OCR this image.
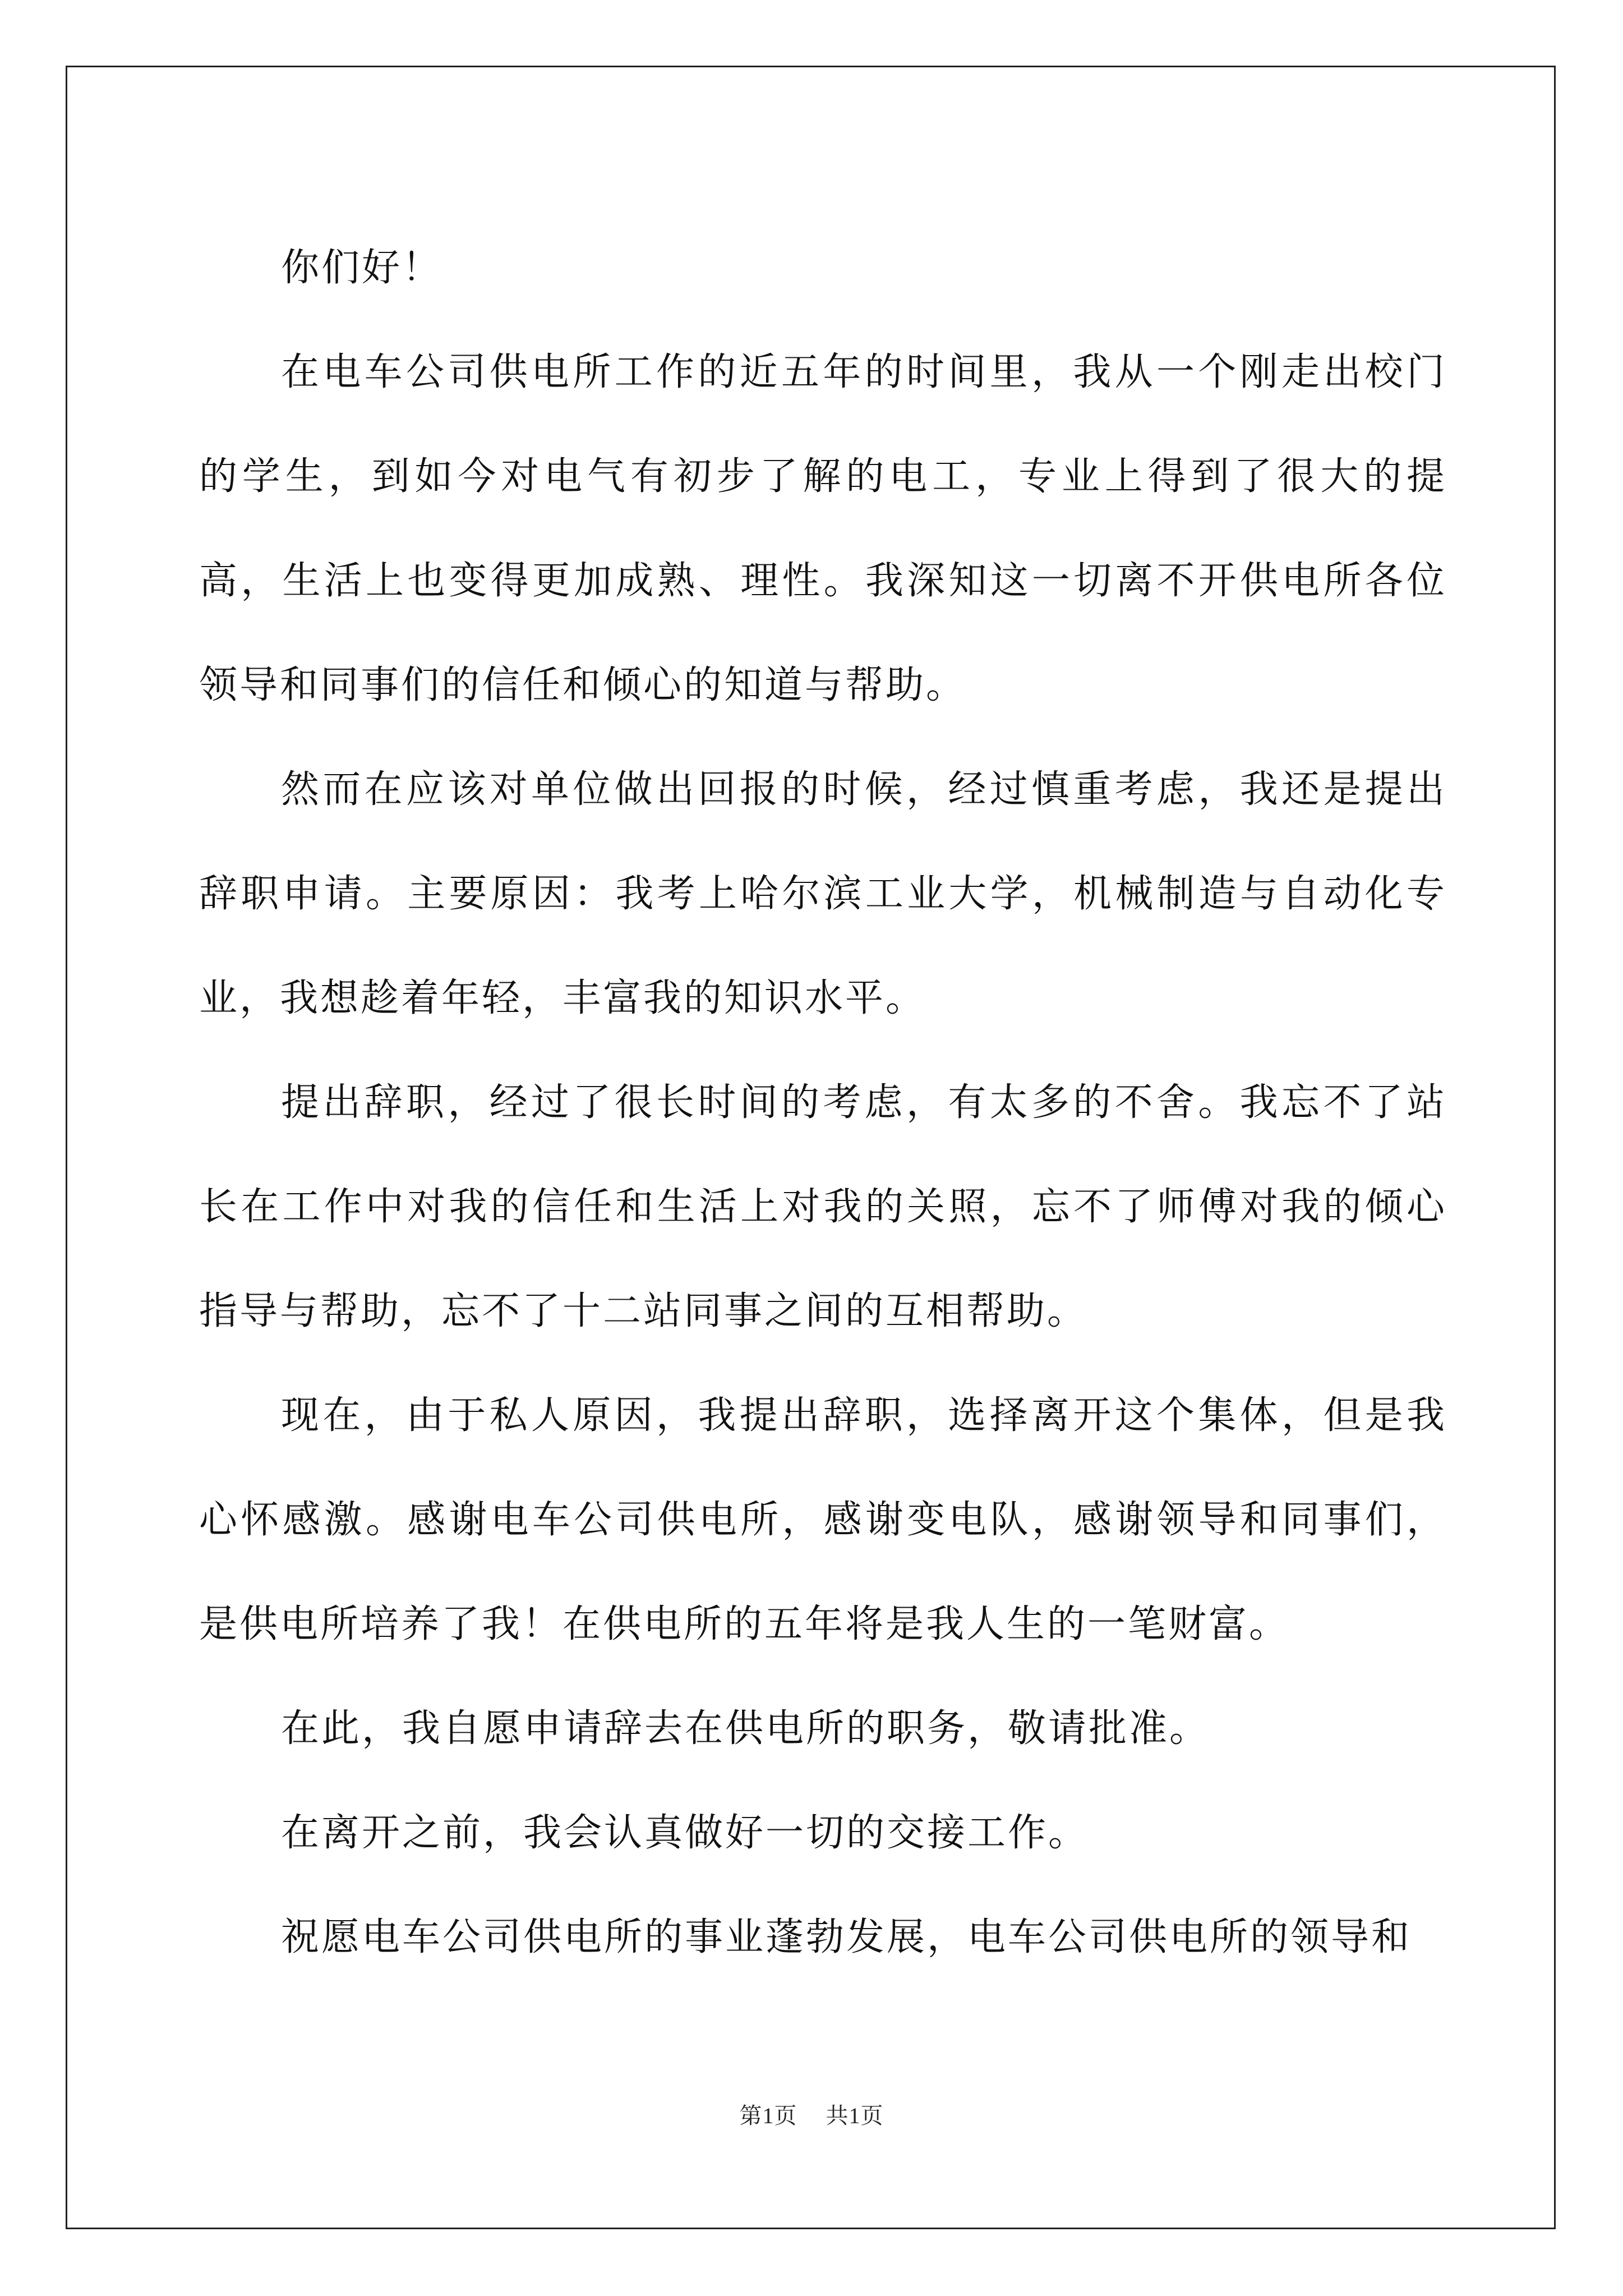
你们好！

在电车公司供电所工作的近五年的时间里，我从一个刚走出校门的学生，到如今对电气有初步了解的电工，专业上得到了很大的提高，生活上也变得更加成熟、理性。我深知这一切离不开供电所各位领导和同事们的信任和倾心的知道与帮助。

然而在应该对单位做出回报的时候，经过慎重考虑，我还是提出辞职申请。主要原因：我考上哈尔滨工业大学，机械制造与自动化专业，我想趁着年轻，丰富我的知识水平。

提出辞职，经过了很长时间的考虑，有太多的不舍。我忘不了站长在工作中对我的信任和生活上对我的关照，忘不了师傅对我的倾心指导与帮助，忘不了十二站同事之间的互相帮助。

现在，由于私人原因，我提出辞职，选择离开这个集体，但是我心怀感激。感谢电车公司供电所，感谢变电队，感谢领导和同事们，是供电所培养了我！在供电所的五年将是我人生的一笔财富。

在此，我自愿申请辞去在供电所的职务，敬请批准。

在离开之前，我会认真做好一切的交接工作。

祝愿电车公司供电所的事业蓬勃发展，电车公司供电所的领导和

第1页 共1页
